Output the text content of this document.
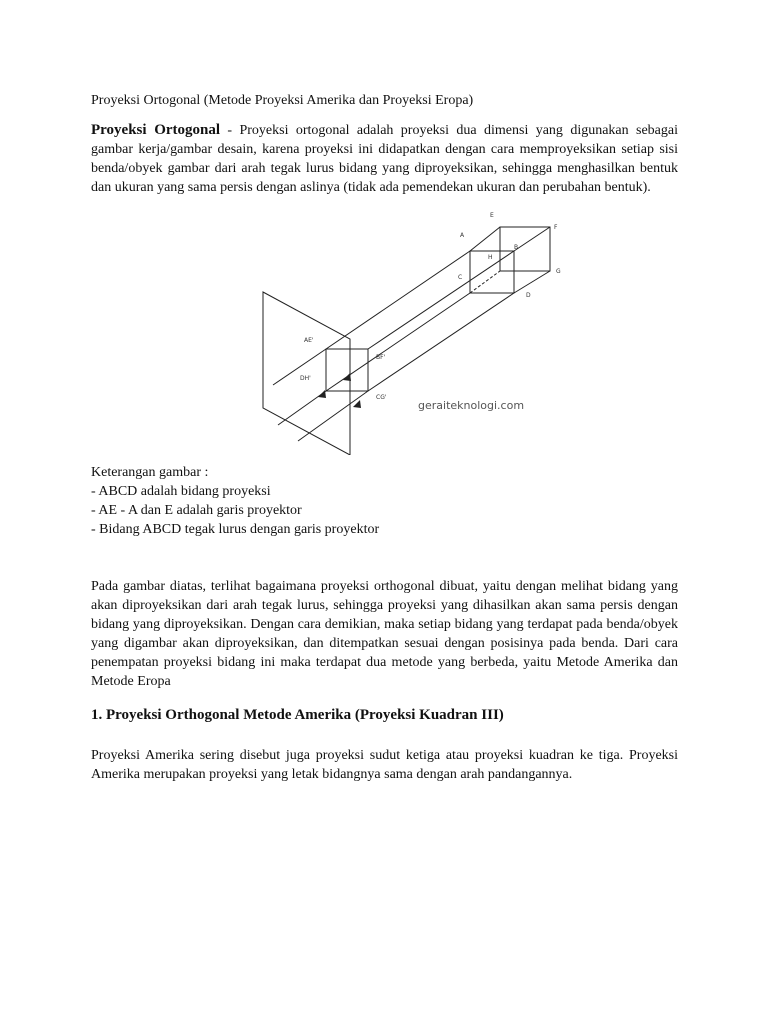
Proyeksi Ortogonal (Metode Proyeksi Amerika dan Proyeksi Eropa)

Proyeksi Ortogonal - Proyeksi ortogonal adalah proyeksi dua dimensi yang digunakan sebagai gambar kerja/gambar desain, karena proyeksi ini didapatkan dengan cara memproyeksikan setiap sisi benda/obyek gambar dari arah tegak lurus bidang yang diproyeksikan, sehingga menghasilkan bentuk dan ukuran yang sama persis dengan aslinya (tidak ada pemendekan ukuran dan perubahan bentuk).

E
F
A
B
H
C
G
D
AE'
BF'
DH'
CG'
geraiteknologi.com
Keterangan gambar :
- ABCD adalah bidang proyeksi
- AE - A dan E adalah garis proyektor
- Bidang ABCD tegak lurus dengan garis proyektor

Pada gambar diatas, terlihat bagaimana proyeksi orthogonal dibuat, yaitu dengan melihat bidang yang akan diproyeksikan dari arah tegak lurus, sehingga proyeksi yang dihasilkan akan sama persis dengan bidang yang diproyeksikan. Dengan cara demikian, maka setiap bidang yang terdapat pada benda/obyek yang digambar akan diproyeksikan, dan ditempatkan sesuai dengan posisinya pada benda. Dari cara penempatan proyeksi bidang ini maka terdapat dua metode yang berbeda, yaitu Metode Amerika dan Metode Eropa

1. Proyeksi Orthogonal Metode Amerika (Proyeksi Kuadran III)

Proyeksi Amerika sering disebut juga proyeksi sudut ketiga atau proyeksi kuadran ke tiga. Proyeksi Amerika merupakan proyeksi yang letak bidangnya sama dengan arah pandangannya.
